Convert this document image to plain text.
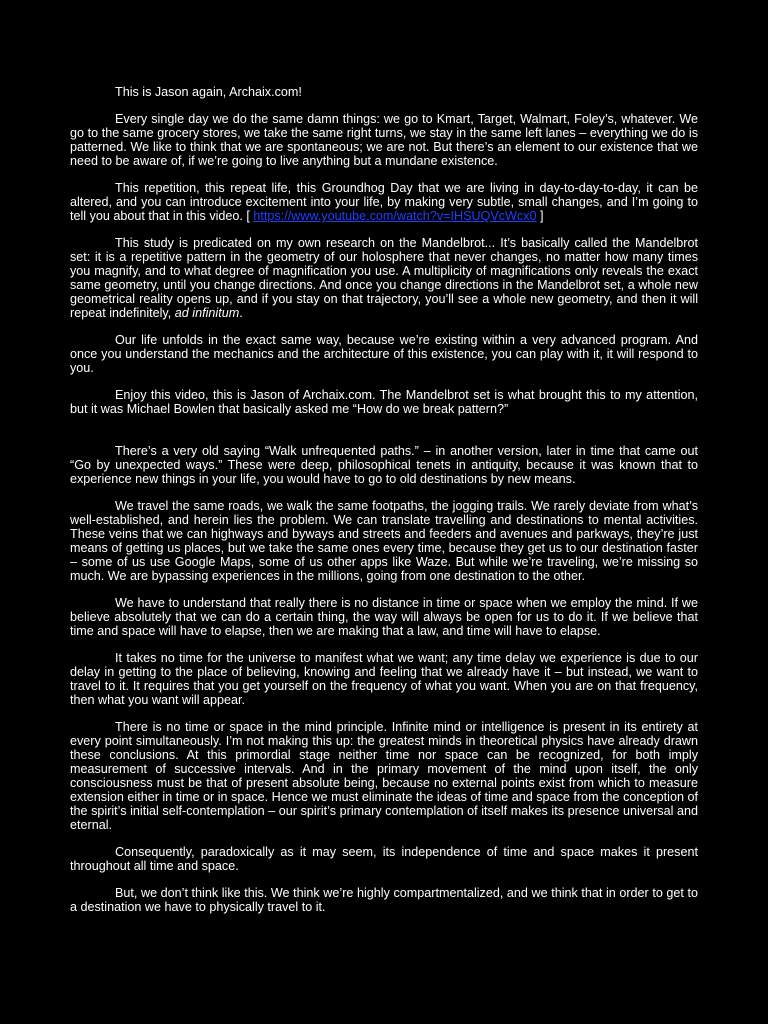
This is Jason again, Archaix.com!

Every single day we do the same damn things: we go to Kmart, Target, Walmart, Foley’s, whatever. We go to the same grocery stores, we take the same right turns, we stay in the same left lanes – everything we do is patterned. We like to think that we are spontaneous; we are not. But there’s an element to our existence that we need to be aware of, if we’re going to live anything but a mundane existence.

This repetition, this repeat life, this Groundhog Day that we are living in day-to-day-to-day, it can be altered, and you can introduce excitement into your life, by making very subtle, small changes, and I’m going to tell you about that in this video. [ https://www.youtube.com/watch?v=IHSUQVcWcx0 ]

This study is predicated on my own research on the Mandelbrot... It’s basically called the Mandelbrot set: it is a repetitive pattern in the geometry of our holosphere that never changes, no matter how many times you magnify, and to what degree of magnification you use. A multiplicity of magnifications only reveals the exact same geometry, until you change directions. And once you change directions in the Mandelbrot set, a whole new geometrical reality opens up, and if you stay on that trajectory, you’ll see a whole new geometry, and then it will repeat indefinitely, ad infinitum.

Our life unfolds in the exact same way, because we’re existing within a very advanced program. And once you understand the mechanics and the architecture of this existence, you can play with it, it will respond to you.

Enjoy this video, this is Jason of Archaix.com. The Mandelbrot set is what brought this to my attention, but it was Michael Bowlen that basically asked me “How do we break pattern?”

There’s a very old saying “Walk unfrequented paths.” – in another version, later in time that came out “Go by unexpected ways.” These were deep, philosophical tenets in antiquity, because it was known that to experience new things in your life, you would have to go to old destinations by new means.

We travel the same roads, we walk the same footpaths, the jogging trails. We rarely deviate from what’s well-established, and herein lies the problem. We can translate travelling and destinations to mental activities. These veins that we can highways and byways and streets and feeders and avenues and parkways, they’re just means of getting us places, but we take the same ones every time, because they get us to our destination faster – some of us use Google Maps, some of us other apps like Waze. But while we’re traveling, we’re missing so much. We are bypassing experiences in the millions, going from one destination to the other.

We have to understand that really there is no distance in time or space when we employ the mind. If we believe absolutely that we can do a certain thing, the way will always be open for us to do it. If we believe that time and space will have to elapse, then we are making that a law, and time will have to elapse.

It takes no time for the universe to manifest what we want; any time delay we experience is due to our delay in getting to the place of believing, knowing and feeling that we already have it – but instead, we want to travel to it. It requires that you get yourself on the frequency of what you want. When you are on that frequency, then what you want will appear.

There is no time or space in the mind principle. Infinite mind or intelligence is present in its entirety at every point simultaneously. I’m not making this up: the greatest minds in theoretical physics have already drawn these conclusions. At this primordial stage neither time nor space can be recognized, for both imply measurement of successive intervals. And in the primary movement of the mind upon itself, the only consciousness must be that of present absolute being, because no external points exist from which to measure extension either in time or in space. Hence we must eliminate the ideas of time and space from the conception of the spirit’s initial self-contemplation – our spirit’s primary contemplation of itself makes its presence universal and eternal.

Consequently, paradoxically as it may seem, its independence of time and space makes it present throughout all time and space.

But, we don’t think like this. We think we’re highly compartmentalized, and we think that in order to get to a destination we have to physically travel to it.
